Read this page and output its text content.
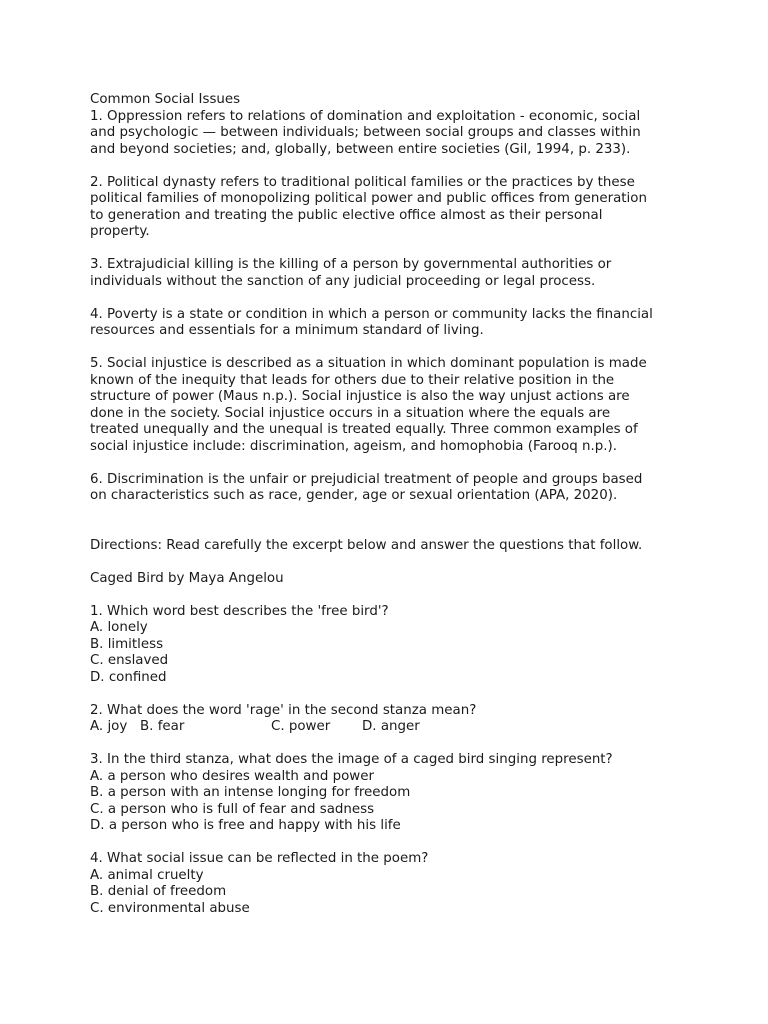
Common Social Issues
1. Oppression refers to relations of domination and exploitation - economic, social
and psychologic — between individuals; between social groups and classes within
and beyond societies; and, globally, between entire societies (Gil, 1994, p. 233).
2. Political dynasty refers to traditional political families or the practices by these
political families of monopolizing political power and public offices from generation
to generation and treating the public elective office almost as their personal
property.
3. Extrajudicial killing is the killing of a person by governmental authorities or
individuals without the sanction of any judicial proceeding or legal process.
4. Poverty is a state or condition in which a person or community lacks the financial
resources and essentials for a minimum standard of living.
5. Social injustice is described as a situation in which dominant population is made
known of the inequity that leads for others due to their relative position in the
structure of power (Maus n.p.). Social injustice is also the way unjust actions are
done in the society. Social injustice occurs in a situation where the equals are
treated unequally and the unequal is treated equally. Three common examples of
social injustice include: discrimination, ageism, and homophobia (Farooq n.p.).
6. Discrimination is the unfair or prejudicial treatment of people and groups based
on characteristics such as race, gender, age or sexual orientation (APA, 2020).
Directions: Read carefully the excerpt below and answer the questions that follow.
Caged Bird by Maya Angelou
1. Which word best describes the 'free bird'?
A. lonely
B. limitless
C. enslaved
D. confined
2. What does the word 'rage' in the second stanza mean?
A. joy B. fear	C. power	D. anger
3. In the third stanza, what does the image of a caged bird singing represent?
A. a person who desires wealth and power
B. a person with an intense longing for freedom
C. a person who is full of fear and sadness
D. a person who is free and happy with his life
4. What social issue can be reflected in the poem?
A. animal cruelty
B. denial of freedom
C. environmental abuse
